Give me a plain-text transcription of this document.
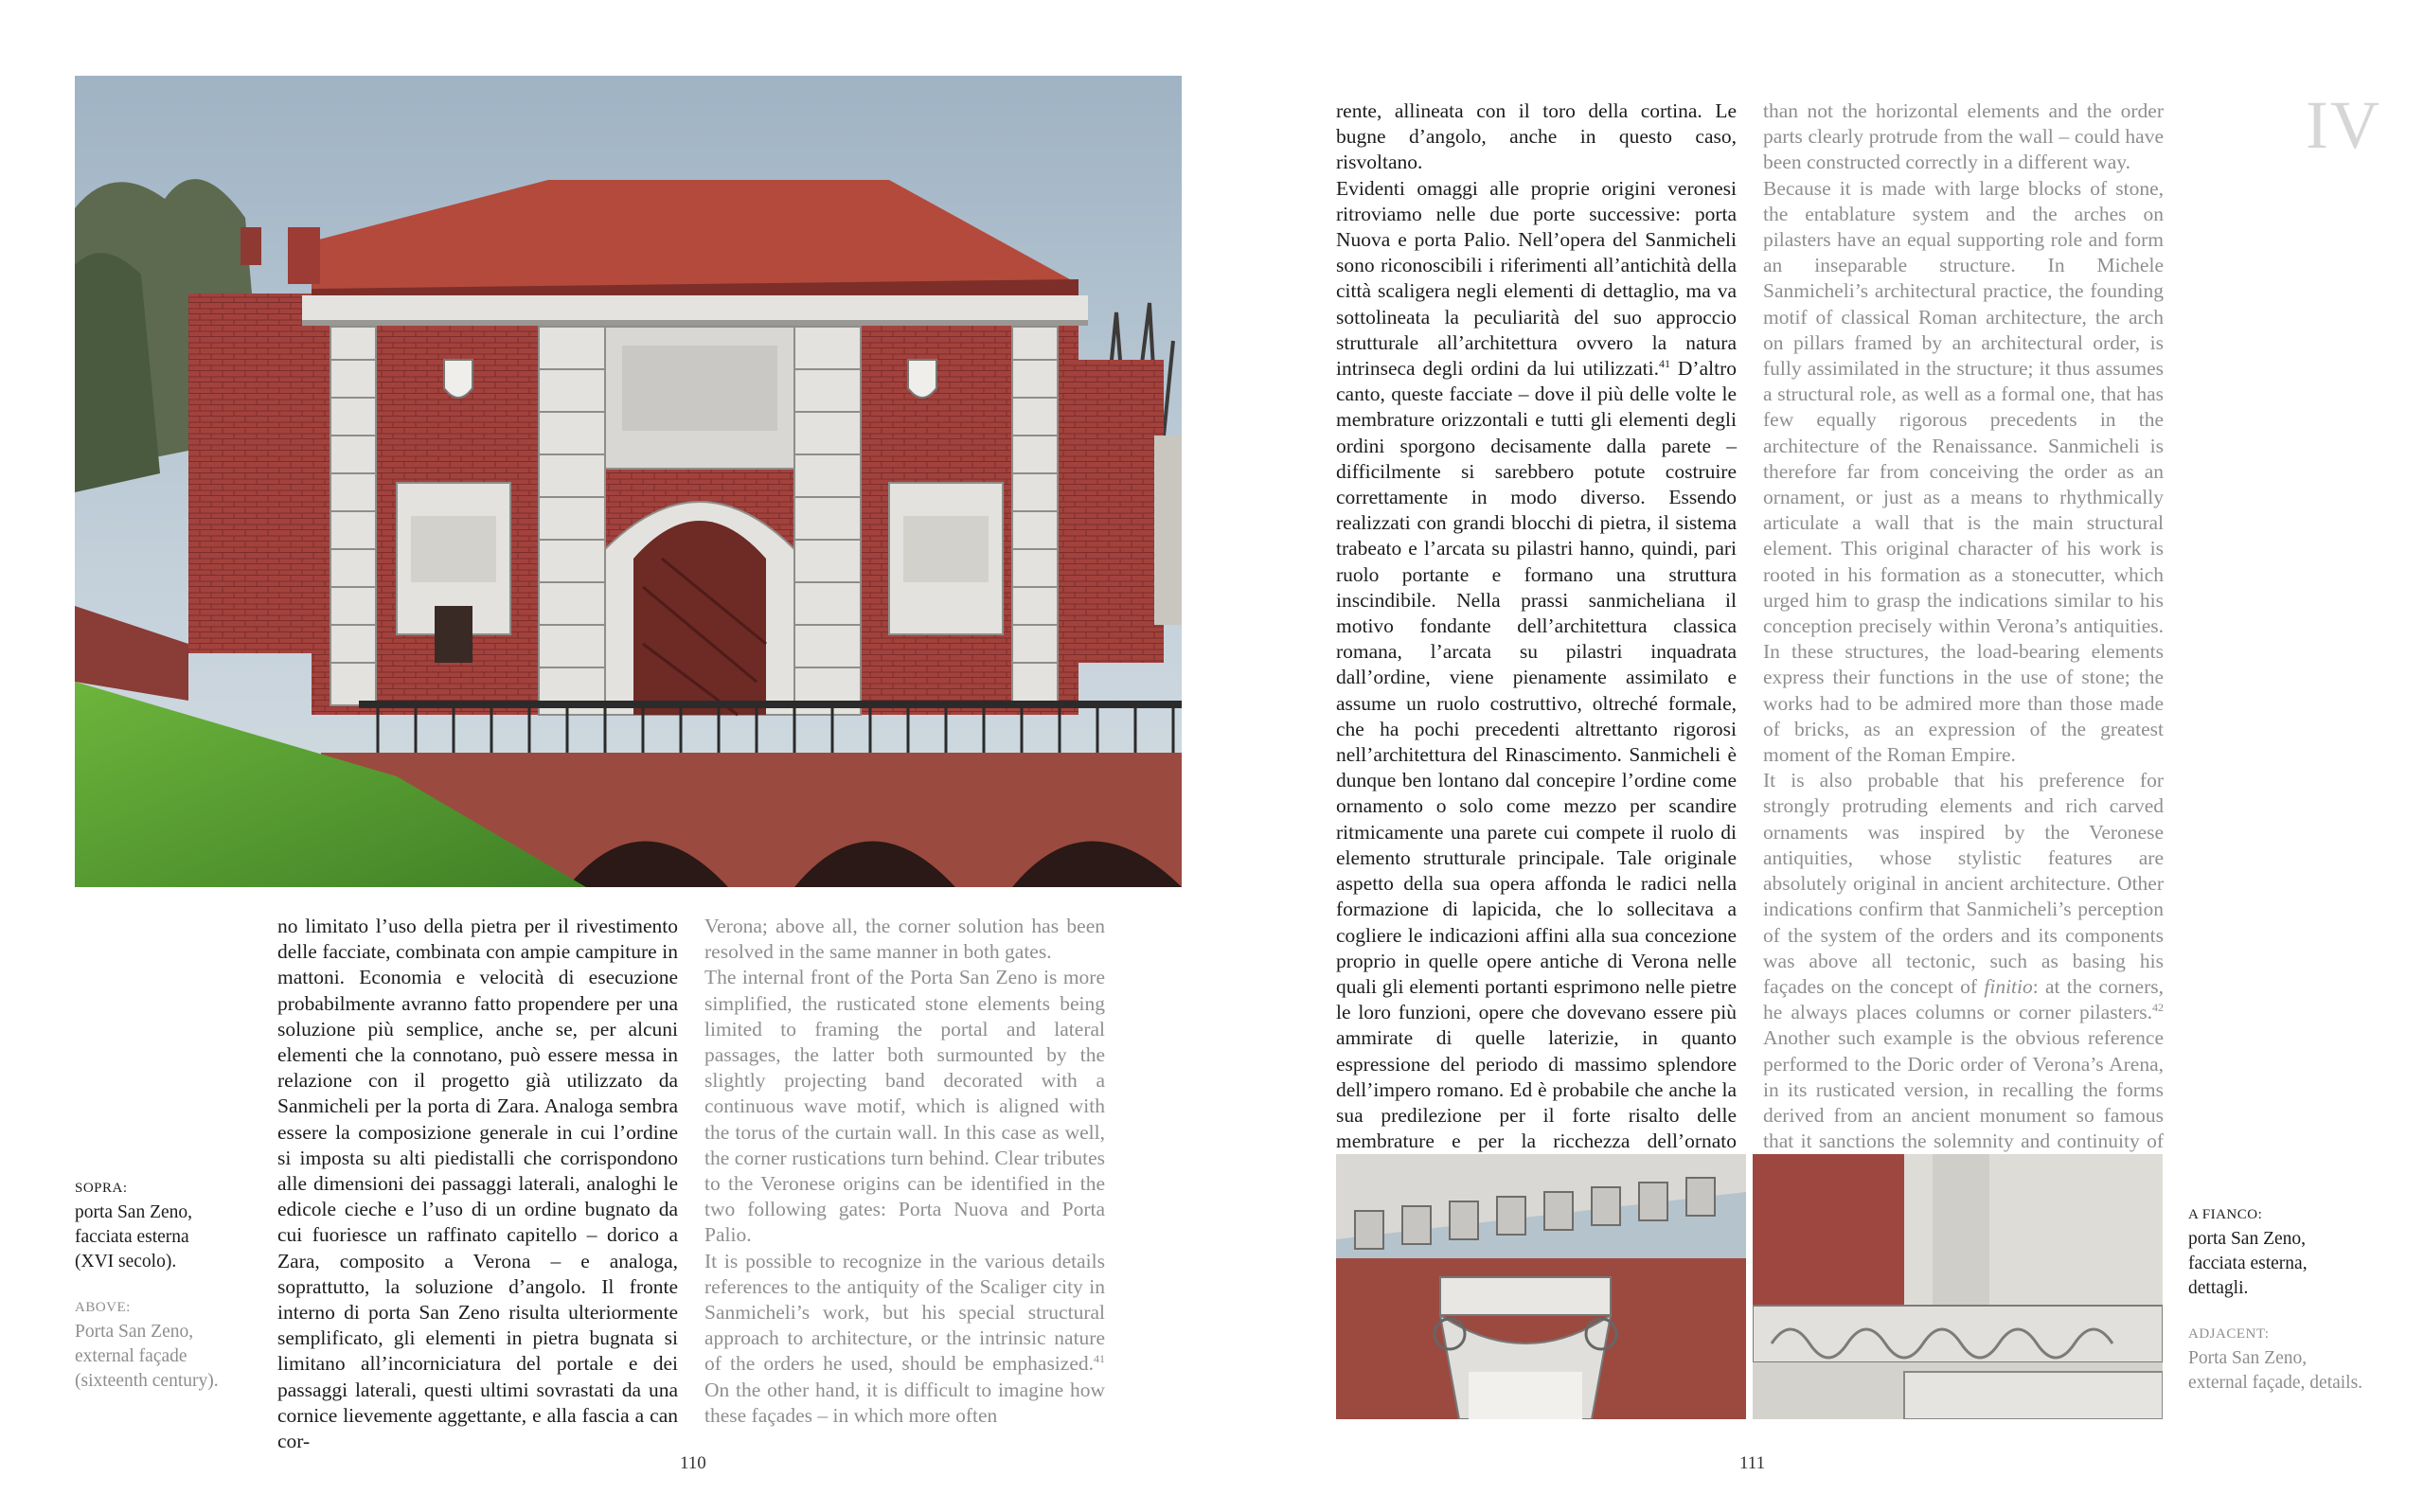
SOPRA:
porta San Zeno,
facciata esterna
(XVI secolo).
ABOVE:
Porta San Zeno,
external façade
(sixteenth century).

no limitato l’uso della pietra per il rivestimento delle facciate, combinata con ampie campiture in mattoni. Economia e velocità di esecuzione probabilmente avranno fatto propendere per una soluzione più semplice, anche se, per alcuni elementi che la connotano, può essere messa in relazione con il progetto già utilizzato da Sanmicheli per la porta di Zara. Analoga sembra essere la composizione generale in cui l’ordine si imposta su alti piedistalli che corrispondono alle dimensioni dei passaggi laterali, analoghi le edicole cieche e l’uso di un ordine bugnato da cui fuoriesce un raffinato capitello – dorico a Zara, composito a Verona – e analoga, soprattutto, la soluzione d’angolo. Il fronte interno di porta San Zeno risulta ulteriormente semplificato, gli elementi in pietra bugnata si limitano all’incorniciatura del portale e dei passaggi laterali, questi ultimi sovrastati da una cornice lievemente aggettante, e alla fascia a can cor-

Verona; above all, the corner solution has been resolved in the same manner in both gates.

The internal front of the Porta San Zeno is more simplified, the rusticated stone elements being limited to framing the portal and lateral passages, the latter both surmounted by the slightly projecting band decorated with a continuous wave motif, which is aligned with the torus of the curtain wall. In this case as well, the corner rustications turn behind. Clear tributes to the Veronese origins can be identified in the two following gates: Porta Nuova and Porta Palio.

It is possible to recognize in the various details references to the antiquity of the Scaliger city in Sanmicheli’s work, but his special structural approach to architecture, or the intrinsic nature of the orders he used, should be emphasized.$^{41}$ On the other hand, it is difficult to imagine how these façades – in which more often

110
IV

rente, allineata con il toro della cortina. Le bugne d’angolo, anche in questo caso, risvoltano.

Evidenti omaggi alle proprie origini veronesi ritroviamo nelle due porte successive: porta Nuova e porta Palio. Nell’opera del Sanmicheli sono riconoscibili i riferimenti all’antichità della città scaligera negli elementi di dettaglio, ma va sottolineata la peculiarità del suo approccio strutturale all’architettura ovvero la natura intrinseca degli ordini da lui utilizzati.$^{41}$ D’altro canto, queste facciate – dove il più delle volte le membrature orizzontali e tutti gli elementi degli ordini sporgono decisamente dalla parete – difficilmente si sarebbero potute costruire correttamente in modo diverso. Essendo realizzati con grandi blocchi di pietra, il sistema trabeato e l’arcata su pilastri hanno, quindi, pari ruolo portante e formano una struttura inscindibile. Nella prassi sanmicheliana il motivo fondante dell’architettura classica romana, l’arcata su pilastri inquadrata dall’ordine, viene pienamente assimilato e assume un ruolo costruttivo, oltreché formale, che ha pochi precedenti altrettanto rigorosi nell’architettura del Rinascimento. Sanmicheli è dunque ben lontano dal concepire l’ordine come ornamento o solo come mezzo per scandire ritmicamente una parete cui compete il ruolo di elemento strutturale principale. Tale originale aspetto della sua opera affonda le radici nella formazione di lapicida, che lo sollecitava a cogliere le indicazioni affini alla sua concezione proprio in quelle opere antiche di Verona nelle quali gli elementi portanti esprimono nelle pietre le loro funzioni, opere che dovevano essere più ammirate di quelle laterizie, in quanto espressione del periodo di massimo splendore dell’impero romano. Ed è probabile che anche la sua predilezione per il forte risalto delle membrature e per la ricchezza dell’ornato

than not the horizontal elements and the order parts clearly protrude from the wall – could have been constructed correctly in a different way.

Because it is made with large blocks of stone, the entablature system and the arches on pilasters have an equal supporting role and form an inseparable structure. In Michele Sanmicheli’s architectural practice, the founding motif of classical Roman architecture, the arch on pillars framed by an architectural order, is fully assimilated in the structure; it thus assumes a structural role, as well as a formal one, that has few equally rigorous precedents in the architecture of the Renaissance. Sanmicheli is therefore far from conceiving the order as an ornament, or just as a means to rhythmically articulate a wall that is the main structural element. This original character of his work is rooted in his formation as a stonecutter, which urged him to grasp the indications similar to his conception precisely within Verona’s antiquities. In these structures, the load-bearing elements express their functions in the use of stone; the works had to be admired more than those made of bricks, as an expression of the greatest moment of the Roman Empire.

It is also probable that his preference for strongly protruding elements and rich carved ornaments was inspired by the Veronese antiquities, whose stylistic features are absolutely original in ancient architecture. Other indications confirm that Sanmicheli’s perception of the system of the orders and its components was above all tectonic, such as basing his façades on the concept of finitio: at the corners, he always places columns or corner pilasters.$^{42}$ Another such example is the obvious reference performed to the Doric order of Verona’s Arena, in its rusticated version, in recalling the forms derived from an ancient monument so famous that it sanctions the solemnity and continuity of

A FIANCO:
porta San Zeno,
facciata esterna,
dettagli.
ADJACENT:
Porta San Zeno,
external façade, details.
111
